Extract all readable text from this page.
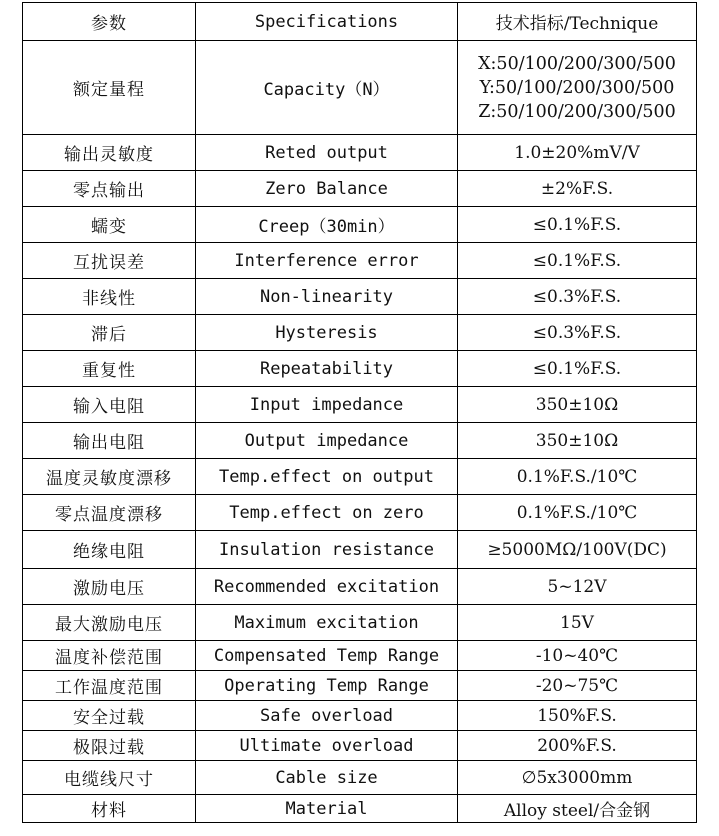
参数	Specifications	技术指标/Technique
额定量程	Capacity（N）	X:50/100/200/300/500
Y:50/100/200/300/500
Z:50/100/200/300/500

输出灵敏度	Reted output	1.0±20%mV/V
零点输出	Zero Balance	±2%F.S.
蠕变	Creep（30min）	≤0.1%F.S.
互扰误差	Interference error	≤0.1%F.S.
非线性	Non-linearity	≤0.3%F.S.
滞后	Hysteresis	≤0.3%F.S.
重复性	Repeatability	≤0.1%F.S.
输入电阻	Input impedance	350±10Ω
输出电阻	Output impedance	350±10Ω
温度灵敏度漂移	Temp.effect on output	0.1%F.S./10℃
零点温度漂移	Temp.effect on zero	0.1%F.S./10℃
绝缘电阻	Insulation resistance	≥5000MΩ/100V(DC)
激励电压	Recommended excitation	5~12V
最大激励电压	Maximum excitation	15V
温度补偿范围	Compensated Temp Range	-10~40℃
工作温度范围	Operating Temp Range	-20~75℃
安全过载	Safe overload	150%F.S.
极限过载	Ultimate overload	200%F.S.
电缆线尺寸	Cable size	∅5x3000mm
材料	Material	Alloy steel/合金钢
